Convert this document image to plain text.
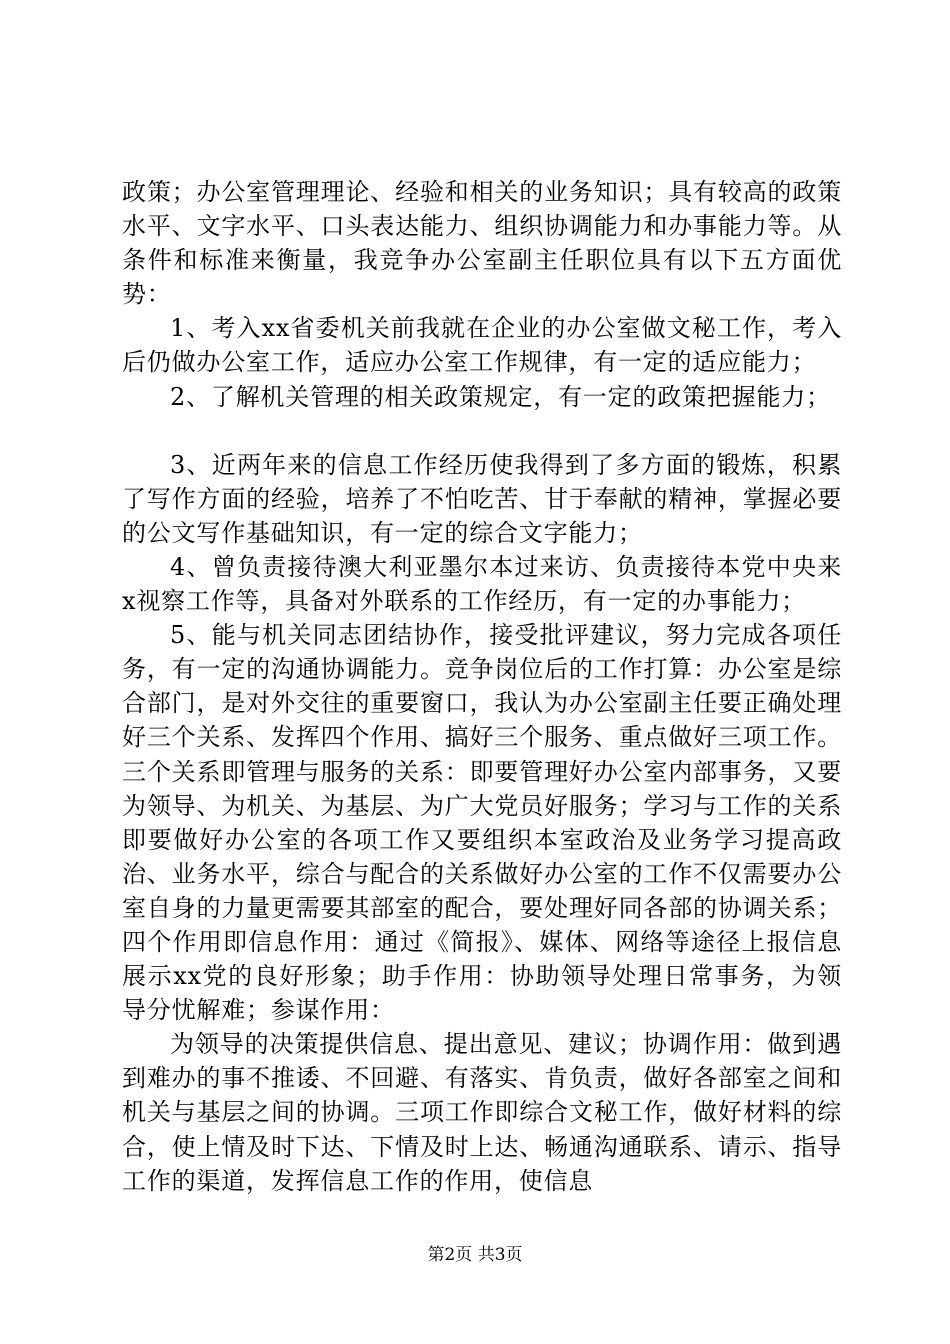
政策；办公室管理理论、经验和相关的业务知识；具有较高的政策水平、文字水平、口头表达能力、组织协调能力和办事能力等。从条件和标准来衡量，我竞争办公室副主任职位具有以下五方面优势：

1、考入xx省委机关前我就在企业的办公室做文秘工作，考入后仍做办公室工作，适应办公室工作规律，有一定的适应能力；

2、了解机关管理的相关政策规定，有一定的政策把握能力；

3、近两年来的信息工作经历使我得到了多方面的锻炼，积累了写作方面的经验，培养了不怕吃苦、甘于奉献的精神，掌握必要的公文写作基础知识，有一定的综合文字能力；

4、曾负责接待澳大利亚墨尔本过来访、负责接待本党中央来x视察工作等，具备对外联系的工作经历，有一定的办事能力；

5、能与机关同志团结协作，接受批评建议，努力完成各项任务，有一定的沟通协调能力。竞争岗位后的工作打算：办公室是综合部门，是对外交往的重要窗口，我认为办公室副主任要正确处理好三个关系、发挥四个作用、搞好三个服务、重点做好三项工作。三个关系即管理与服务的关系：即要管理好办公室内部事务，又要为领导、为机关、为基层、为广大党员好服务；学习与工作的关系即要做好办公室的各项工作又要组织本室政治及业务学习提高政治、业务水平，综合与配合的关系做好办公室的工作不仅需要办公室自身的力量更需要其部室的配合，要处理好同各部的协调关系；四个作用即信息作用：通过《简报》、媒体、网络等途径上报信息展示xx党的良好形象；助手作用：协助领导处理日常事务，为领导分忧解难；参谋作用：

为领导的决策提供信息、提出意见、建议；协调作用：做到遇到难办的事不推诿、不回避、有落实、肯负责，做好各部室之间和机关与基层之间的协调。三项工作即综合文秘工作，做好材料的综合，使上情及时下达、下情及时上达、畅通沟通联系、请示、指导工作的渠道，发挥信息工作的作用，使信息

第2页 共3页
